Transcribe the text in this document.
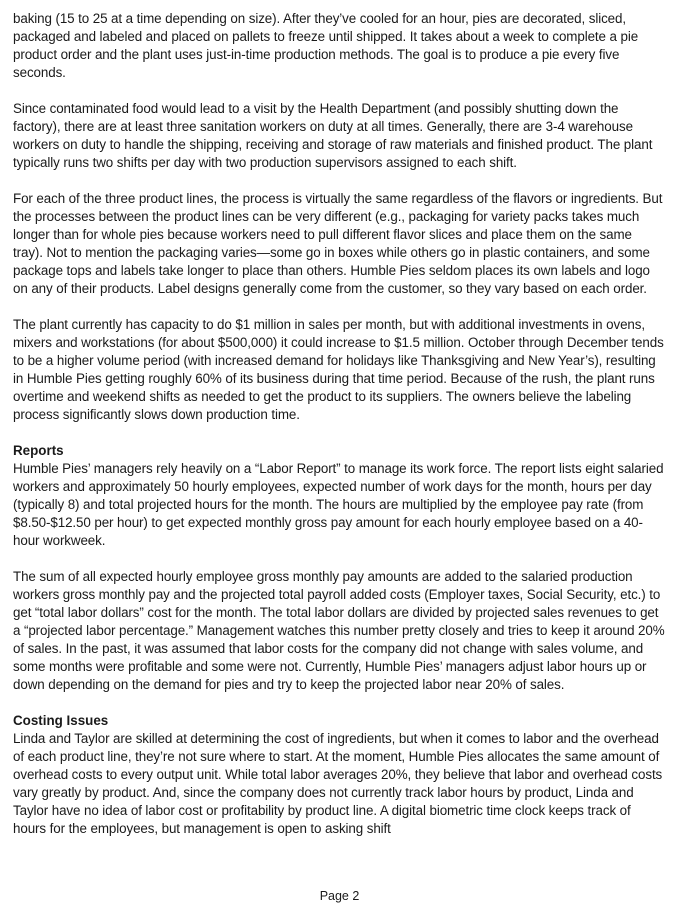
baking (15 to 25 at a time depending on size). After they’ve cooled for an hour, pies are decorated, sliced, packaged and labeled and placed on pallets to freeze until shipped. It takes about a week to complete a pie product order and the plant uses just-in-time production methods. The goal is to produce a pie every five seconds.

Since contaminated food would lead to a visit by the Health Department (and possibly shutting down the factory), there are at least three sanitation workers on duty at all times. Generally, there are 3-4 warehouse workers on duty to handle the shipping, receiving and storage of raw materials and finished product. The plant typically runs two shifts per day with two production supervisors assigned to each shift.

For each of the three product lines, the process is virtually the same regardless of the flavors or ingredients. But the processes between the product lines can be very different (e.g., packaging for variety packs takes much longer than for whole pies because workers need to pull different flavor slices and place them on the same tray). Not to mention the packaging varies—some go in boxes while others go in plastic containers, and some package tops and labels take longer to place than others. Humble Pies seldom places its own labels and logo on any of their products. Label designs generally come from the customer, so they vary based on each order.

The plant currently has capacity to do $1 million in sales per month, but with additional investments in ovens, mixers and workstations (for about $500,000) it could increase to $1.5 million. October through December tends to be a higher volume period (with increased demand for holidays like Thanksgiving and New Year’s), resulting in Humble Pies getting roughly 60% of its business during that time period. Because of the rush, the plant runs overtime and weekend shifts as needed to get the product to its suppliers. The owners believe the labeling process significantly slows down production time.

Reports

Humble Pies’ managers rely heavily on a “Labor Report” to manage its work force. The report lists eight salaried workers and approximately 50 hourly employees, expected number of work days for the month, hours per day (typically 8) and total projected hours for the month. The hours are multiplied by the employee pay rate (from $8.50-$12.50 per hour) to get expected monthly gross pay amount for each hourly employee based on a 40-hour workweek.

The sum of all expected hourly employee gross monthly pay amounts are added to the salaried production workers gross monthly pay and the projected total payroll added costs (Employer taxes, Social Security, etc.) to get “total labor dollars” cost for the month. The total labor dollars are divided by projected sales revenues to get a “projected labor percentage.” Management watches this number pretty closely and tries to keep it around 20% of sales. In the past, it was assumed that labor costs for the company did not change with sales volume, and some months were profitable and some were not. Currently, Humble Pies’ managers adjust labor hours up or down depending on the demand for pies and try to keep the projected labor near 20% of sales.

Costing Issues

Linda and Taylor are skilled at determining the cost of ingredients, but when it comes to labor and the overhead of each product line, they’re not sure where to start. At the moment, Humble Pies allocates the same amount of overhead costs to every output unit. While total labor averages 20%, they believe that labor and overhead costs vary greatly by product. And, since the company does not currently track labor hours by product, Linda and Taylor have no idea of labor cost or profitability by product line. A digital biometric time clock keeps track of hours for the employees, but management is open to asking shift

Page 2
